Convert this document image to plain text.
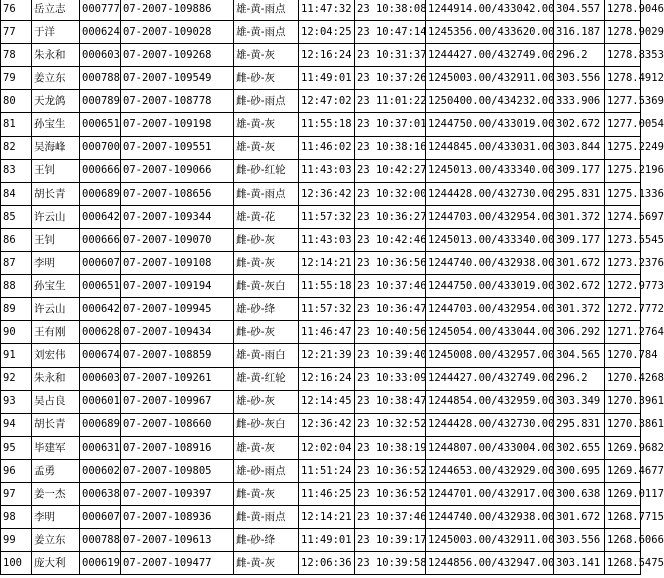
76	岳立志	000777	07-2007-109886	雄-黄-雨点	11:47:32	23 10:38:08	1244914.00/433042.00	304.557	1278.9046
77	于洋	000624	07-2007-109028	雄-黄-雨点	12:04:25	23 10:47:14	1245356.00/433620.00	316.187	1278.9029
78	朱永和	000603	07-2007-109268	雄-黄-灰	12:16:24	23 10:31:37	1244427.00/432749.00	296.2	1278.8353
79	姜立东	000788	07-2007-109549	雌-砂-灰	11:49:01	23 10:37:26	1245003.00/432911.00	303.556	1278.4912
80	天龙鸽	000789	07-2007-108778	雌-砂-雨点	12:47:02	23 11:01:22	1250400.00/434232.00	333.906	1277.5369
81	孙宝生	000651	07-2007-109198	雄-黄-灰	11:55:18	23 10:37:01	1244750.00/433019.00	302.672	1277.0054
82	吴海峰	000700	07-2007-109551	雄-黄-灰	11:46:02	23 10:38:16	1244845.00/433031.00	303.844	1275.2249
83	王钊	000666	07-2007-109066	雌-砂-红轮	11:43:03	23 10:42:27	1245013.00/433340.00	309.177	1275.2196
84	胡长青	000689	07-2007-108656	雌-黄-雨点	12:36:42	23 10:32:00	1244428.00/432730.00	295.831	1275.1336
85	许云山	000642	07-2007-109344	雄-黄-花	11:57:32	23 10:36:27	1244703.00/432954.00	301.372	1274.5697
86	王钊	000666	07-2007-109070	雌-砂-灰	11:43:03	23 10:42:46	1245013.00/433340.00	309.177	1273.5545
87	李明	000607	07-2007-109108	雌-黄-灰	12:14:21	23 10:36:56	1244740.00/432938.00	301.672	1273.2376
88	孙宝生	000651	07-2007-109194	雌-黄-灰白	11:55:18	23 10:37:46	1244750.00/433019.00	302.672	1272.9773
89	许云山	000642	07-2007-109945	雄-砂-绛	11:57:32	23 10:36:47	1244703.00/432954.00	301.372	1272.7772
90	王有刚	000628	07-2007-109434	雌-砂-灰	11:46:47	23 10:40:56	1245054.00/433044.00	306.292	1271.2764
91	刘宏伟	000674	07-2007-108859	雄-黄-雨白	12:21:39	23 10:39:40	1245008.00/432957.00	304.565	1270.784
92	朱永和	000603	07-2007-109261	雄-黄-红轮	12:16:24	23 10:33:09	1244427.00/432749.00	296.2	1270.4268
93	吴占良	000601	07-2007-109967	雄-砂-灰	12:14:45	23 10:38:47	1244854.00/432959.00	303.349	1270.3961
94	胡长青	000689	07-2007-108660	雌-砂-灰白	12:36:42	23 10:32:52	1244428.00/432730.00	295.831	1270.3861
95	毕建军	000631	07-2007-108916	雄-黄-灰	12:02:04	23 10:38:19	1244807.00/433004.00	302.655	1269.9682
96	孟勇	000602	07-2007-109805	雄-砂-雨点	11:51:24	23 10:36:52	1244653.00/432929.00	300.695	1269.4677
97	姜一杰	000638	07-2007-109397	雌-黄-灰	11:46:25	23 10:36:52	1244701.00/432917.00	300.638	1269.0117
98	李明	000607	07-2007-108936	雌-黄-雨点	12:14:21	23 10:37:46	1244740.00/432938.00	301.672	1268.7715
99	姜立东	000788	07-2007-109613	雌-砂-绛	11:49:01	23 10:39:17	1245003.00/432911.00	303.556	1268.6066
100	庞大利	000619	07-2007-109477	雌-黄-灰	12:06:36	23 10:39:58	1244856.00/432947.00	303.141	1268.5475
